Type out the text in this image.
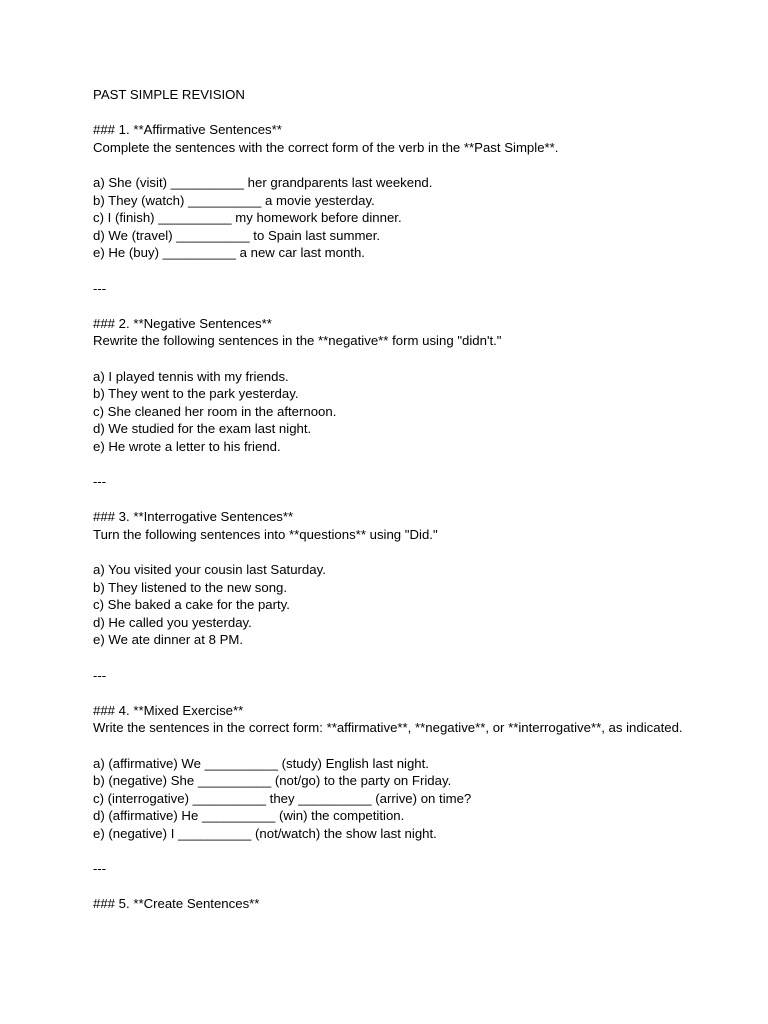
PAST SIMPLE REVISION
### 1. **Affirmative Sentences**
Complete the sentences with the correct form of the verb in the **Past Simple**.
a) She (visit) __________ her grandparents last weekend.
b) They (watch) __________ a movie yesterday.
c) I (finish) __________ my homework before dinner.
d) We (travel) __________ to Spain last summer.
e) He (buy) __________ a new car last month.
---
### 2. **Negative Sentences**
Rewrite the following sentences in the **negative** form using "didn't."
a) I played tennis with my friends.
b) They went to the park yesterday.
c) She cleaned her room in the afternoon.
d) We studied for the exam last night.
e) He wrote a letter to his friend.
---
### 3. **Interrogative Sentences**
Turn the following sentences into **questions** using "Did."
a) You visited your cousin last Saturday.
b) They listened to the new song.
c) She baked a cake for the party.
d) He called you yesterday.
e) We ate dinner at 8 PM.
---
### 4. **Mixed Exercise**
Write the sentences in the correct form: **affirmative**, **negative**, or **interrogative**, as indicated.
a) (affirmative) We __________ (study) English last night.
b) (negative) She __________ (not/go) to the party on Friday.
c) (interrogative) __________ they __________ (arrive) on time?
d) (affirmative) He __________ (win) the competition.
e) (negative) I __________ (not/watch) the show last night.
---
### 5. **Create Sentences**
